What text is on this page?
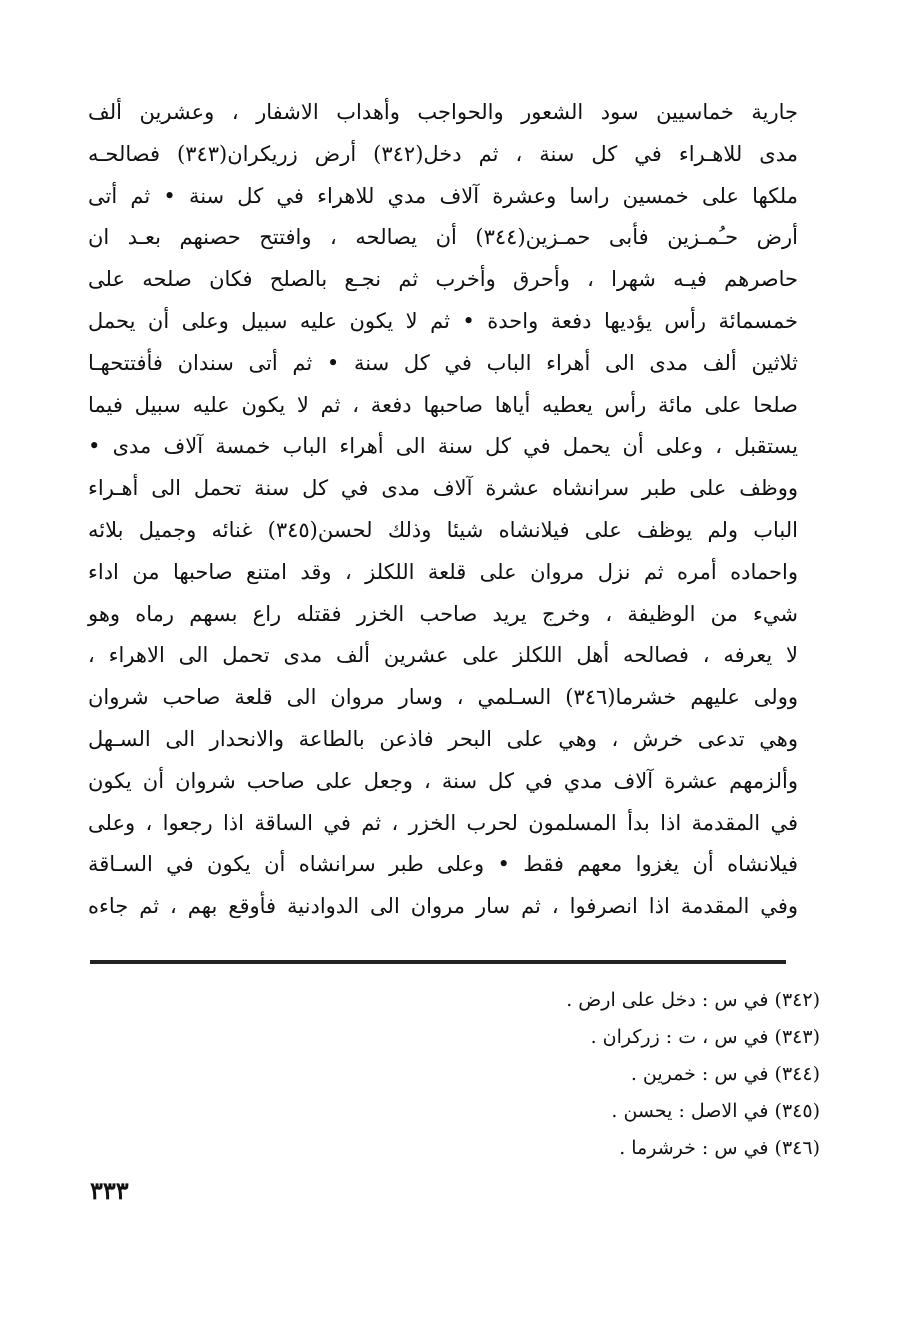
جارية خماسيين سود الشعور والحواجب وأهداب الاشفار ، وعشرين ألف
مدى للاهـراء في كل سنة ، ثم دخل(٣٤٢) أرض زريكران(٣٤٣) فصالحـه
ملكها على خمسين راسا وعشرة آلاف مدي للاهراء في كل سنة • ثم أتى
أرض حـُمـزين فأبى حمـزين(٣٤٤) أن يصالحه ، وافتتح حصنهم بعـد ان
حاصرهم فيـه شهرا ، وأحرق وأخرب ثم نجـع بالصلح فكان صلحه على
خمسمائة رأس يؤديها دفعة واحدة • ثم لا يكون عليه سبيل وعلى أن يحمل
ثلاثين ألف مدى الى أهراء الباب في كل سنة • ثم أتى سندان فأفتتحهـا
صلحا على مائة رأس يعطيه أياها صاحبها دفعة ، ثم لا يكون عليه سبيل فيما
يستقبل ، وعلى أن يحمل في كل سنة الى أهراء الباب خمسة آلاف مدى •
ووظف على طبر سرانشاه عشرة آلاف مدى في كل سنة تحمل الى أهـراء
الباب ولم يوظف على فيلانشاه شيئا وذلك لحسن(٣٤٥) غنائه وجميل بلائه
واحماده أمره ثم نزل مروان على قلعة اللكلز ، وقد امتنع صاحبها من اداء
شيء من الوظيفة ، وخرج يريد صاحب الخزر فقتله راع بسهم رماه وهو
لا يعرفه ، فصالحه أهل اللكلز على عشرين ألف مدى تحمل الى الاهراء ،
وولى عليهم خشرما(٣٤٦) السـلمي ، وسار مروان الى قلعة صاحب شروان
وهي تدعى خرش ، وهي على البحر فاذعن بالطاعة والانحدار الى السـهل
وألزمهم عشرة آلاف مدي في كل سنة ، وجعل على صاحب شروان أن يكون
في المقدمة اذا بدأ المسلمون لحرب الخزر ، ثم في الساقة اذا رجعوا ، وعلى
فيلانشاه أن يغزوا معهم فقط • وعلى طبر سرانشاه أن يكون في السـاقة
وفي المقدمة اذا انصرفوا ، ثم سار مروان الى الدوادنية فأوقع بهم ، ثم جاءه
(٣٤٢) في س : دخل على ارض .
(٣٤٣) في س ، ت : زركران .
(٣٤٤) في س : خمرين .
(٣٤٥) في الاصل : يحسن .
(٣٤٦) في س : خرشرما .
٣٣٣
